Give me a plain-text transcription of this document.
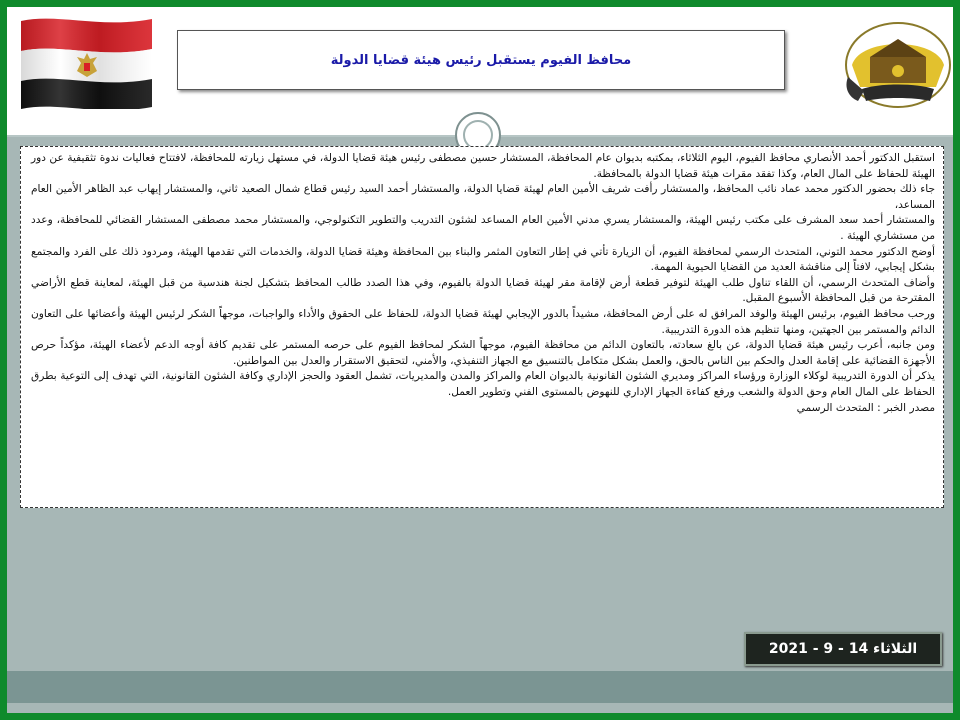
محافظ الفيوم يستقبل رئيس هيئة قضايا الدولة

استقبل الدكتور أحمد الأنصاري محافظ الفيوم، اليوم الثلاثاء، بمكتبه بديوان عام المحافظة، المستشار حسين مصطفى رئيس هيئة قضايا الدولة، في مستهل زيارته للمحافظة، لافتتاح فعاليات ندوة تثقيفية عن دور الهيئة للحفاظ على المال العام، وكذا تفقد مقرات هيئة قضايا الدولة بالمحافظة.

جاء ذلك بحضور الدكتور محمد عماد نائب المحافظ، والمستشار رأفت شريف الأمين العام لهيئة قضايا الدولة، والمستشار أحمد السيد رئيس قطاع شمال الصعيد ثاني، والمستشار إيهاب عبد الظاهر الأمين العام المساعد،

والمستشار أحمد سعد المشرف على مكتب رئيس الهيئة، والمستشار يسري مدني الأمين العام المساعد لشئون التدريب والتطوير التكنولوجي، والمستشار محمد مصطفى المستشار القضائي للمحافظة، وعدد من مستشاري الهيئة .

أوضح الدكتور محمد التوني، المتحدث الرسمي لمحافظة الفيوم، أن الزيارة تأتي في إطار التعاون المثمر والبناء بين المحافظة وهيئة قضايا الدولة، والخدمات التي تقدمها الهيئة، ومردود ذلك على الفرد والمجتمع بشكل إيجابي، لافتاً إلى مناقشة العديد من القضايا الحيوية المهمة.

وأضاف المتحدث الرسمي، أن اللقاء تناول طلب الهيئة لتوفير قطعة أرض لإقامة مقر لهيئة قضايا الدولة بالفيوم، وفي هذا الصدد طالب المحافظ بتشكيل لجنة هندسية من قبل الهيئة، لمعاينة قطع الأراضي المقترحة من قبل المحافظة الأسبوع المقبل.

ورحب محافظ الفيوم، برئيس الهيئة والوفد المرافق له على أرض المحافظة، مشيداً بالدور الإيجابي لهيئة قضايا الدولة، للحفاظ على الحقوق والأداء والواجبات، موجهاً الشكر لرئيس الهيئة وأعضائها على التعاون الدائم والمستمر بين الجهتين، ومنها تنظيم هذه الدورة التدريبية.

ومن جانبه، أعرب رئيس هيئة قضايا الدولة، عن بالغ سعادته، بالتعاون الدائم من محافظة الفيوم، موجهاً الشكر لمحافظ الفيوم على حرصه المستمر على تقديم كافة أوجه الدعم لأعضاء الهيئة، مؤكداً حرص الأجهزة القضائية على إقامة العدل والحكم بين الناس بالحق، والعمل بشكل متكامل بالتنسيق مع الجهاز التنفيذي، والأمني، لتحقيق الاستقرار والعدل بين المواطنين.

يذكر أن الدورة التدريبية لوكلاء الوزارة ورؤساء المراكز ومديري الشئون القانونية بالديوان العام والمراكز والمدن والمديريات، تشمل العقود والحجز الإداري وكافة الشئون القانونية، التي تهدف إلى التوعية بطرق الحفاظ على المال العام وحق الدولة والشعب ورفع كفاءة الجهاز الإداري للنهوض بالمستوى الفني وتطوير العمل.

مصدر الخبر : المتحدث الرسمي

الثلاثاء 14 - 9 - 2021
